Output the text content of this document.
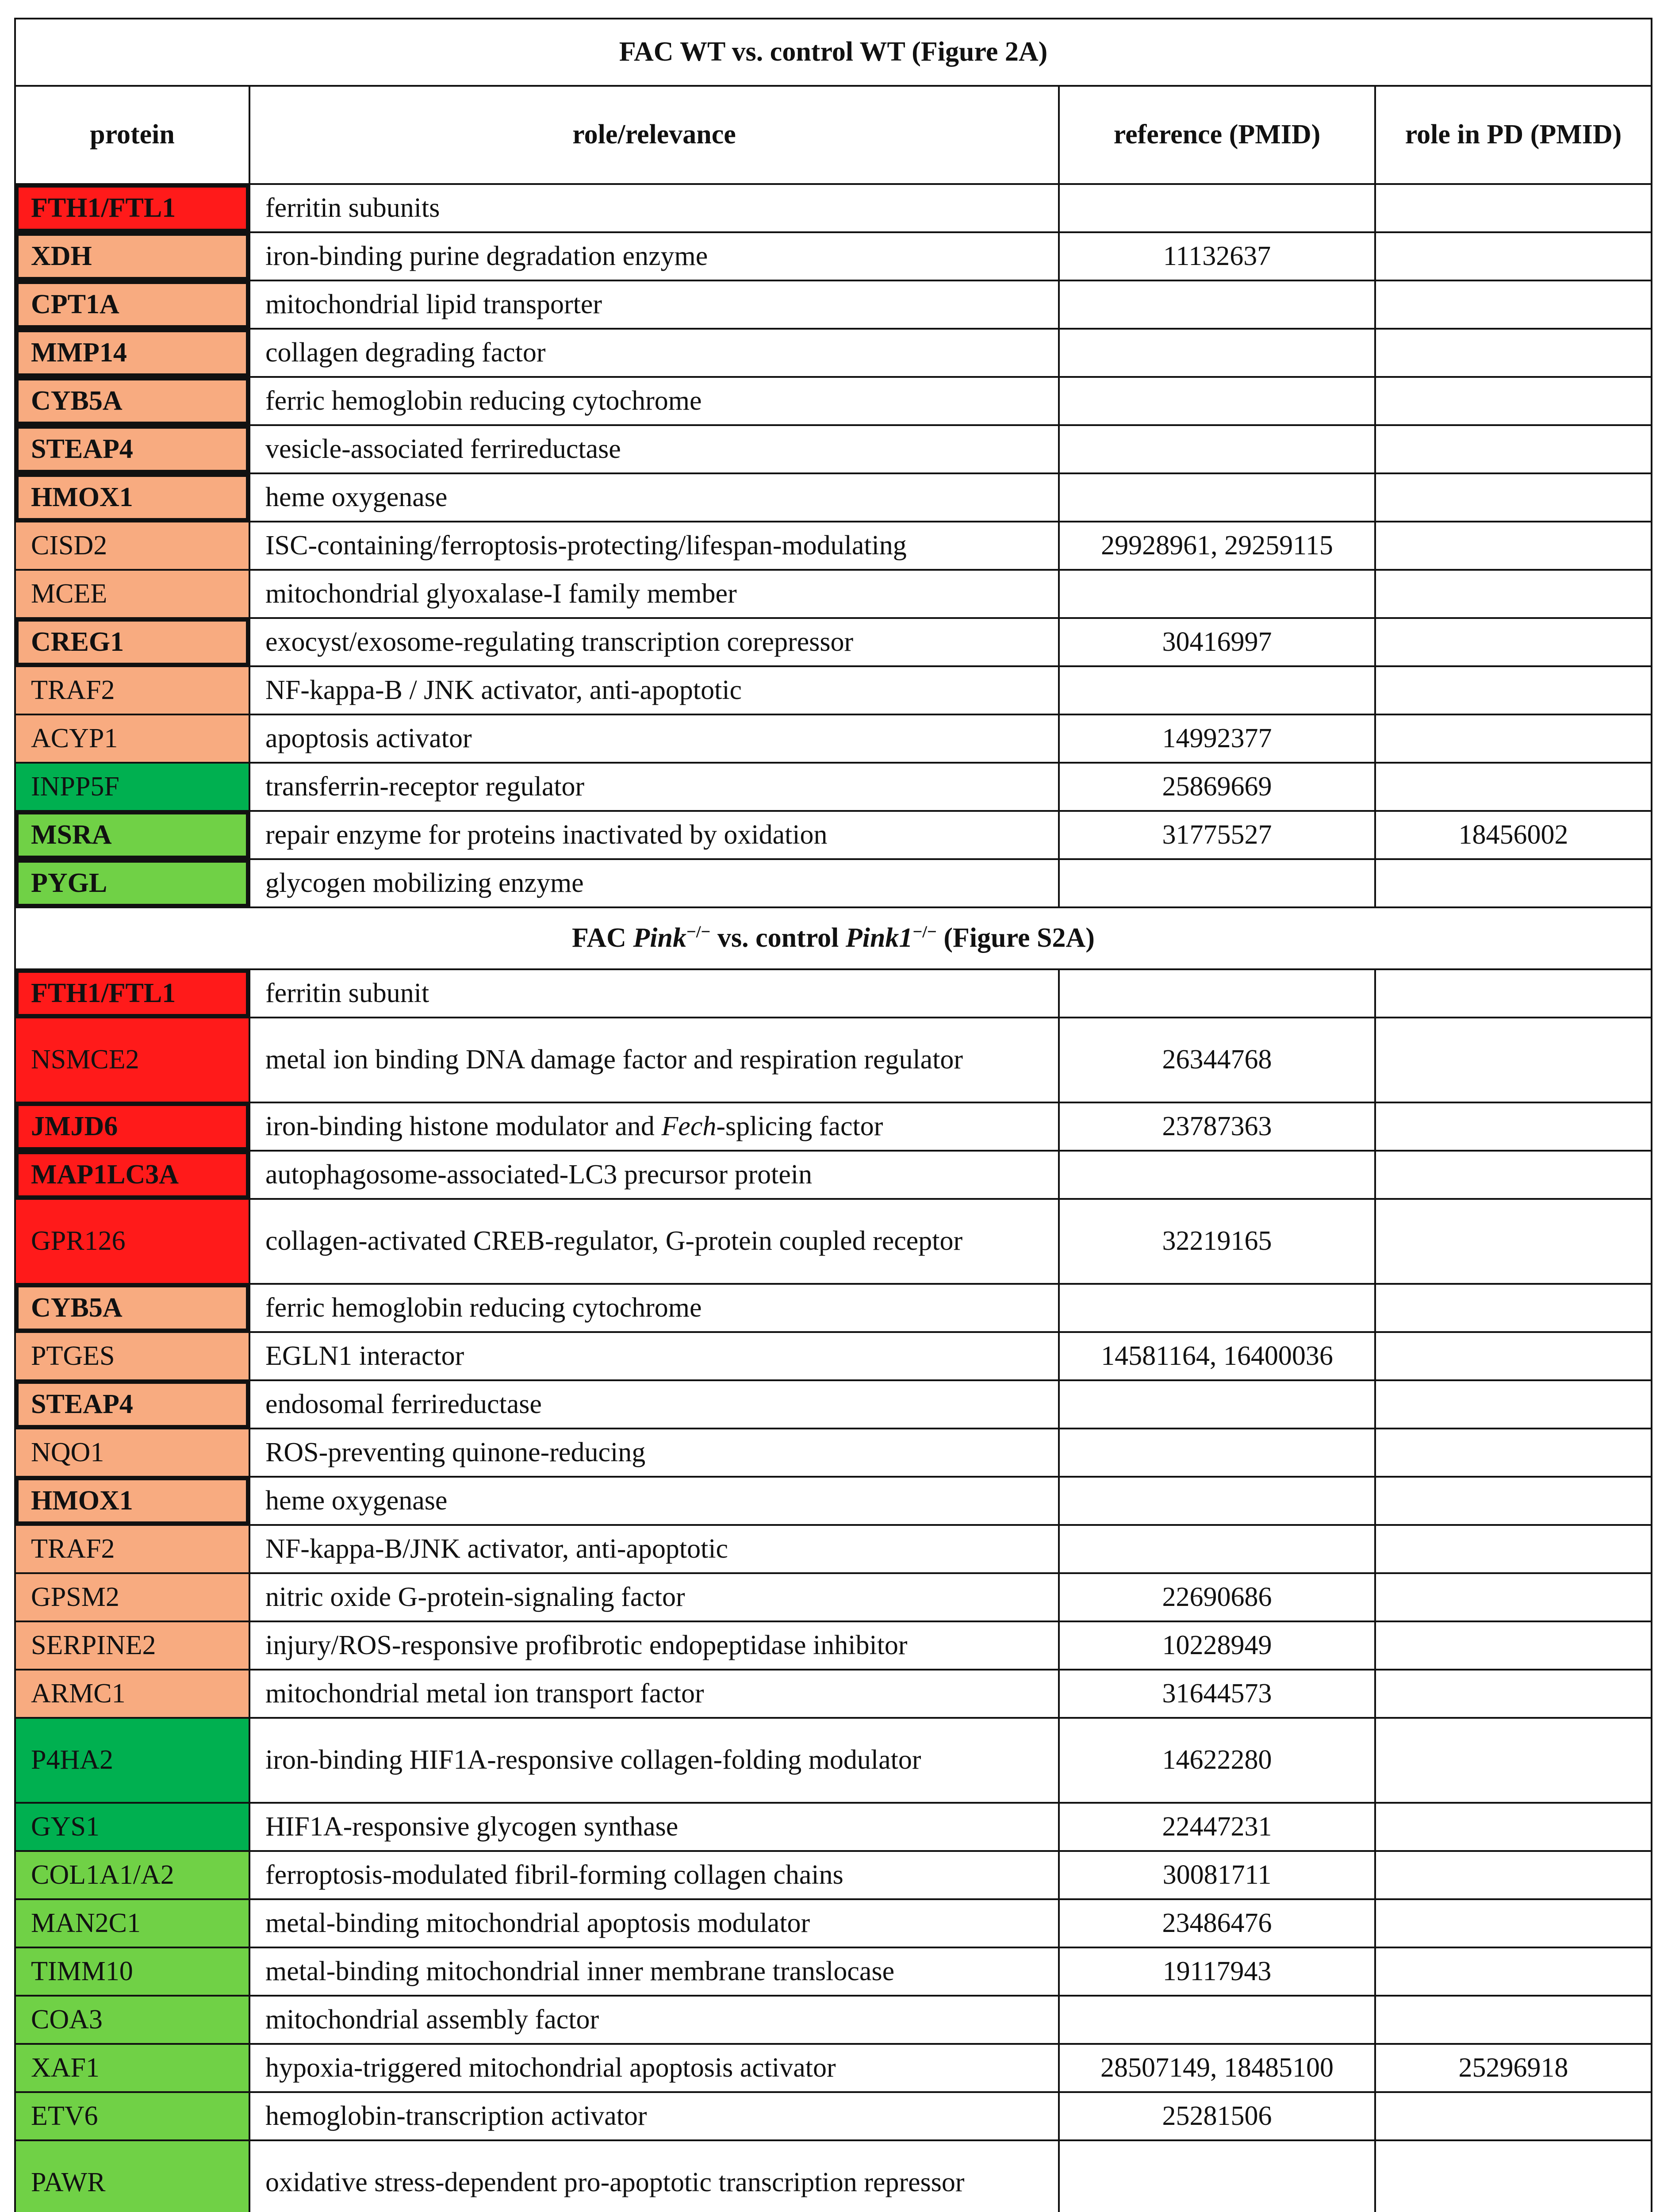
FAC WT vs. control WT (Figure 2A)			
protein	role/relevance	reference (PMID)	role in PD (PMID)
FTH1/FTL1	ferritin subunits		
XDH	iron-binding purine degradation enzyme	11132637	
CPT1A	mitochondrial lipid transporter		
MMP14	collagen degrading factor		
CYB5A	ferric hemoglobin reducing cytochrome		
STEAP4	vesicle-associated ferrireductase		
HMOX1	heme oxygenase		
CISD2	ISC-containing/ferroptosis-protecting/lifespan-modulating	29928961, 29259115	
MCEE	mitochondrial glyoxalase-I family member		
CREG1	exocyst/exosome-regulating transcription corepressor	30416997	
TRAF2	NF-kappa-B / JNK activator, anti-apoptotic		
ACYP1	apoptosis activator	14992377	
INPP5F	transferrin-receptor regulator	25869669	
MSRA	repair enzyme for proteins inactivated by oxidation	31775527	18456002
PYGL	glycogen mobilizing enzyme		
FAC Pink−/− vs. control Pink1−/− (Figure S2A)			
FTH1/FTL1	ferritin subunit		
NSMCE2	metal ion binding DNA damage factor and respiration regulator	26344768	
JMJD6	iron-binding histone modulator and Fech-splicing factor	23787363	
MAP1LC3A	autophagosome-associated-LC3 precursor protein		
GPR126	collagen-activated CREB-regulator, G-protein coupled receptor	32219165	
CYB5A	ferric hemoglobin reducing cytochrome		
PTGES	EGLN1 interactor	14581164, 16400036	
STEAP4	endosomal ferrireductase		
NQO1	ROS-preventing quinone-reducing		
HMOX1	heme oxygenase		
TRAF2	NF-kappa-B/JNK activator, anti-apoptotic		
GPSM2	nitric oxide G-protein-signaling factor	22690686	
SERPINE2	injury/ROS-responsive profibrotic endopeptidase inhibitor	10228949	
ARMC1	mitochondrial metal ion transport factor	31644573	
P4HA2	iron-binding HIF1A-responsive collagen-folding modulator	14622280	
GYS1	HIF1A-responsive glycogen synthase	22447231	
COL1A1/A2	ferroptosis-modulated fibril-forming collagen chains	30081711	
MAN2C1	metal-binding mitochondrial apoptosis modulator	23486476	
TIMM10	metal-binding mitochondrial inner membrane translocase	19117943	
COA3	mitochondrial assembly factor		
XAF1	hypoxia-triggered mitochondrial apoptosis activator	28507149, 18485100	25296918
ETV6	hemoglobin-transcription activator	25281506	
PAWR	oxidative stress-dependent pro-apoptotic transcription repressor		
